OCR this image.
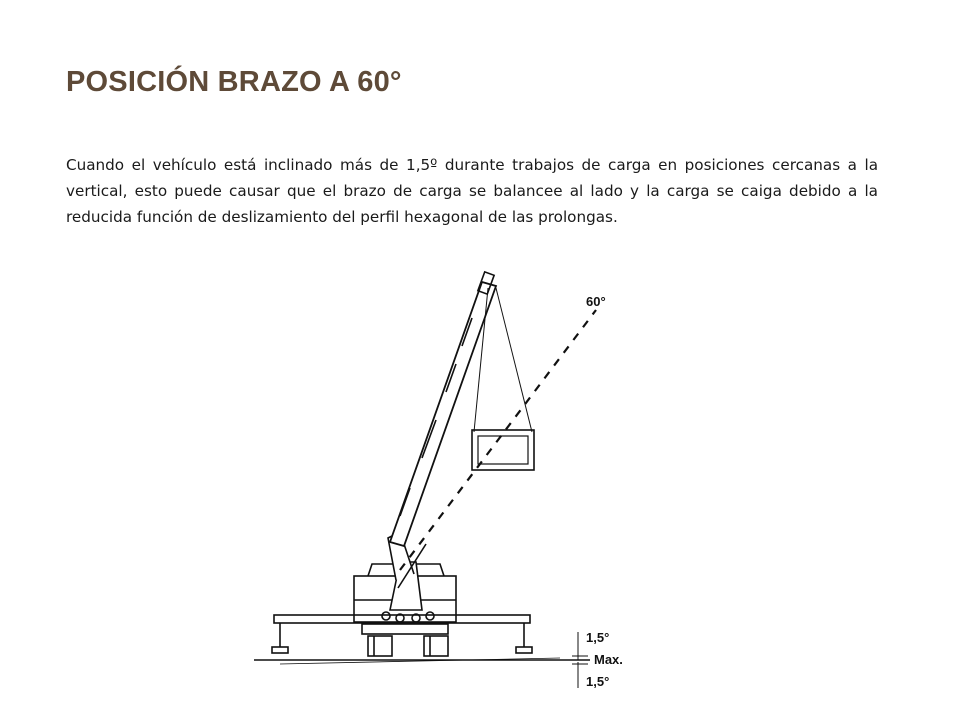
POSICIÓN BRAZO A 60°

Cuando el vehículo está inclinado más de 1,5º durante trabajos de carga en posiciones cercanas a la vertical, esto puede causar que el brazo de carga se balancee al lado y la carga se caiga debido a la reducida función de deslizamiento del perfil hexagonal de las prolongas.

60°
1,5°
Max.
1,5°
